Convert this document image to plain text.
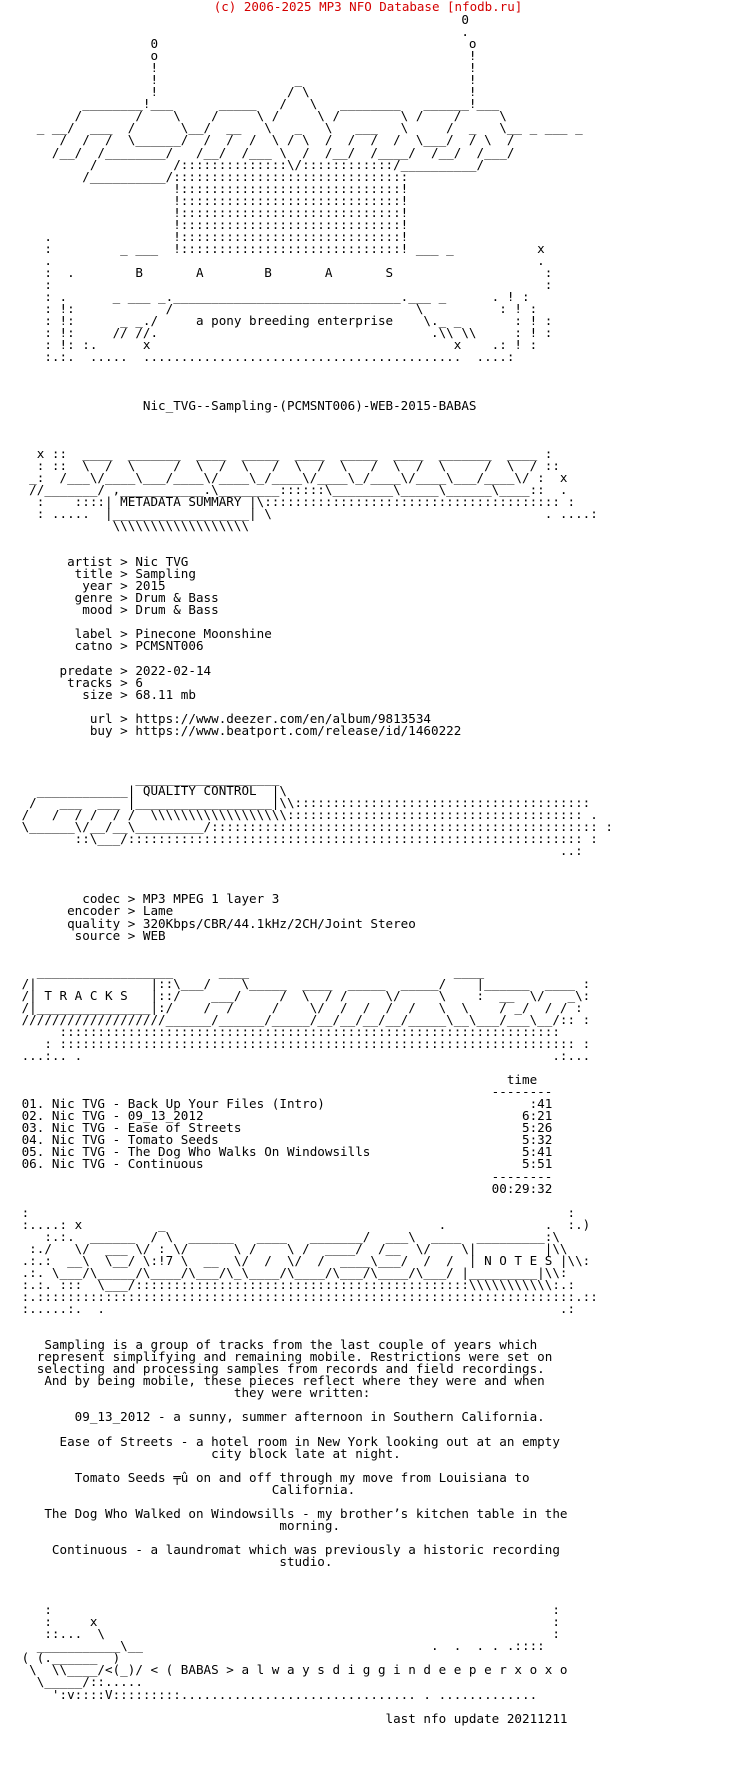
(c) 2006-2025 MP3 NFO Database [nfodb.ru]
0
.
0                                         o
o                                         !
!                                         !
!                  _                      !
!                 / \                     !
________!___      _____   /   \   ________   ______!___
/       /    \    /     \ /     \ /        \ /    /     \
_ __/  ___  /      \__/  __   \   _   \   ___   \     /  _   \__ _ ___ _
/  /  /  \______/  /  /  /  \ / \  /  /  /  /  \___/  / \  /
/__/  /________/   /__/  /___ \  /  /__/  /____/  /__/  /___/
/          /::::::::::::::\/::::::::::::/__________/
/__________/:::::::::::::::::::::::::::::::
!:::::::::::::::::::::::::::::!
!:::::::::::::::::::::::::::::!
!:::::::::::::::::::::::::::::!
!:::::::::::::::::::::::::::::!
.                !:::::::::::::::::::::::::::::!
:         _ ___  !:::::::::::::::::::::::::::::! ___ _           x
.                                                                .
:  .        B       A        B       A       S                    :
:                                                                 :
: .      _ ___ _.______________________________.___ _      . ! :
: !:            /                                \          : ! :
: !:      _ _./     a pony breeding enterprise    \._ _       : ! :
: !:     // //.                                    .\\ \\     : ! :
: !: :.      x                                        x    .: ! :
:.:.  .....  ..........................................  ....:

Nic_TVG--Sampling-(PCMSNT006)-WEB-2015-BABAS

x ::  ____  _______  ____  _____  ____  _____  ____  _______  ____ :
: ::  \  /  \     /  \  /  \   /  \  /  \   /  \  /  \     /  \  / ::
_:  /___\/____\___/____\/____\_/____\/____\_/____\/____\___/____\/ :  x
//_______/ ,___________.\________::::::\________\_____\______\____::  .
:    ::::| METADATA SUMMARY |\::::::::::::::::::::::::::::::::::::::: :
: .....  |__________________| \                                    . ....:
\\\\\\\\\\\\\\\\\\

artist > Nic TVG
title > Sampling
year > 2015
genre > Drum & Bass
mood > Drum & Bass

label > Pinecone Moonshine
catno > PCMSNT006

predate > 2022-02-14
tracks > 6
size > 68.11 mb

url > https://www.deezer.com/en/album/9813534
buy > https://www.beatport.com/release/id/1460222

___________________
____________| QUALITY CONTROL  |\
/   ___  ___ |__________________|\\:::::::::::::::::::::::::::::::::::::::
/   /  / /  / /  \\\\\\\\\\\\\\\\\\::::::::::::::::::::::::::::::::::::::: .
\______\/__/__\_________/::::::::::::::::::::::::::::::::::::::::::::::::::: :
::\___/:::::::::::::::::::::::::::::::::::::::::::::::::::::::::::: :
..:

codec > MP3 MPEG 1 layer 3
encoder > Lame
quality > 320Kbps/CBR/44.1kHz/2CH/Joint Stereo
source > WEB

__________________      ____                           ____
/|               |::\___/    \_____  ____  _____  _____/    |______  ____ :
/| T R A C K S   |::/    ___/     /  \  / /     \/     \    :  __  \/   _\:
/|_______________|:/    /  /     /    \/  /  /  /  /   \  \    / _/  / / :
///////////////////______/______/_____/__/__/__/__/_____\__\___/___\__/:: :
::::::::::::::::::::::::::::::::::::::::::::::::::::::::::::::::::
: :::::::::::::::::::::::::::::::::::::::::::::::::::::::::::::::::::: :
...:.. .                                                              .:...

time
--------
01. Nic TVG - Back Up Your Files (Intro)                           :41
02. Nic TVG - 09_13_2012                                          6:21
03. Nic TVG - Ease of Streets                                     5:26
04. Nic TVG - Tomato Seeds                                        5:32
05. Nic TVG - The Dog Who Walks On Windowsills                    5:41
06. Nic TVG - Continuous                                          5:51
--------
00:29:32

:                                                                       :
:....: x          _                                    .             .  :.)
:.:.  ______  / \  ______   ____   _______/  ___\  ____  _________:\
:./   \/  ___ \/ : \/      \ /    \ /  ____/  /__  \/    \|         |\\
.:.:  __\  \__/ \:!7 \  __  \/  /  \/  /  ____\___/  /  /  | N O T E S |\\:
.:. \___/\_____/\____/\___/\_\____/\____/\___/\____/\___/ |_________|\\:
:.:. :::  \___/::::::::::::::::::::::::::::::::::::::::::::\\\\\\\\\\\:.:
:.:::::::::::::::::::::::::::::::::::::::::::::::::::::::::::::::::::::::.::
:.....:.  .                                                            .:

Sampling is a group of tracks from the last couple of years which
represent simplifying and remaining mobile. Restrictions were set on
selecting and processing samples from records and field recordings.
And by being mobile, these pieces reflect where they were and when
they were written:

09_13_2012 - a sunny, summer afternoon in Southern California.

Ease of Streets - a hotel room in New York looking out at an empty
city block late at night.

Tomato Seeds ╤û on and off through my move from Louisiana to
California.

The Dog Who Walked on Windowsills - my brother’s kitchen table in the
morning.

Continuous - a laundromat which was previously a historic recording
studio.

:                                                                  :
:     x                                                            :
::...  \                                                           :
___________\__                                      .  .  . . .::::
( (.______  )
\  \\____/<(_)/ < ( BABAS > a l w a y s d i g g i n d e e p e r x o x o
\_____/::.....
':v::::V:::::::::............................... . .............

last nfo update 20211211
